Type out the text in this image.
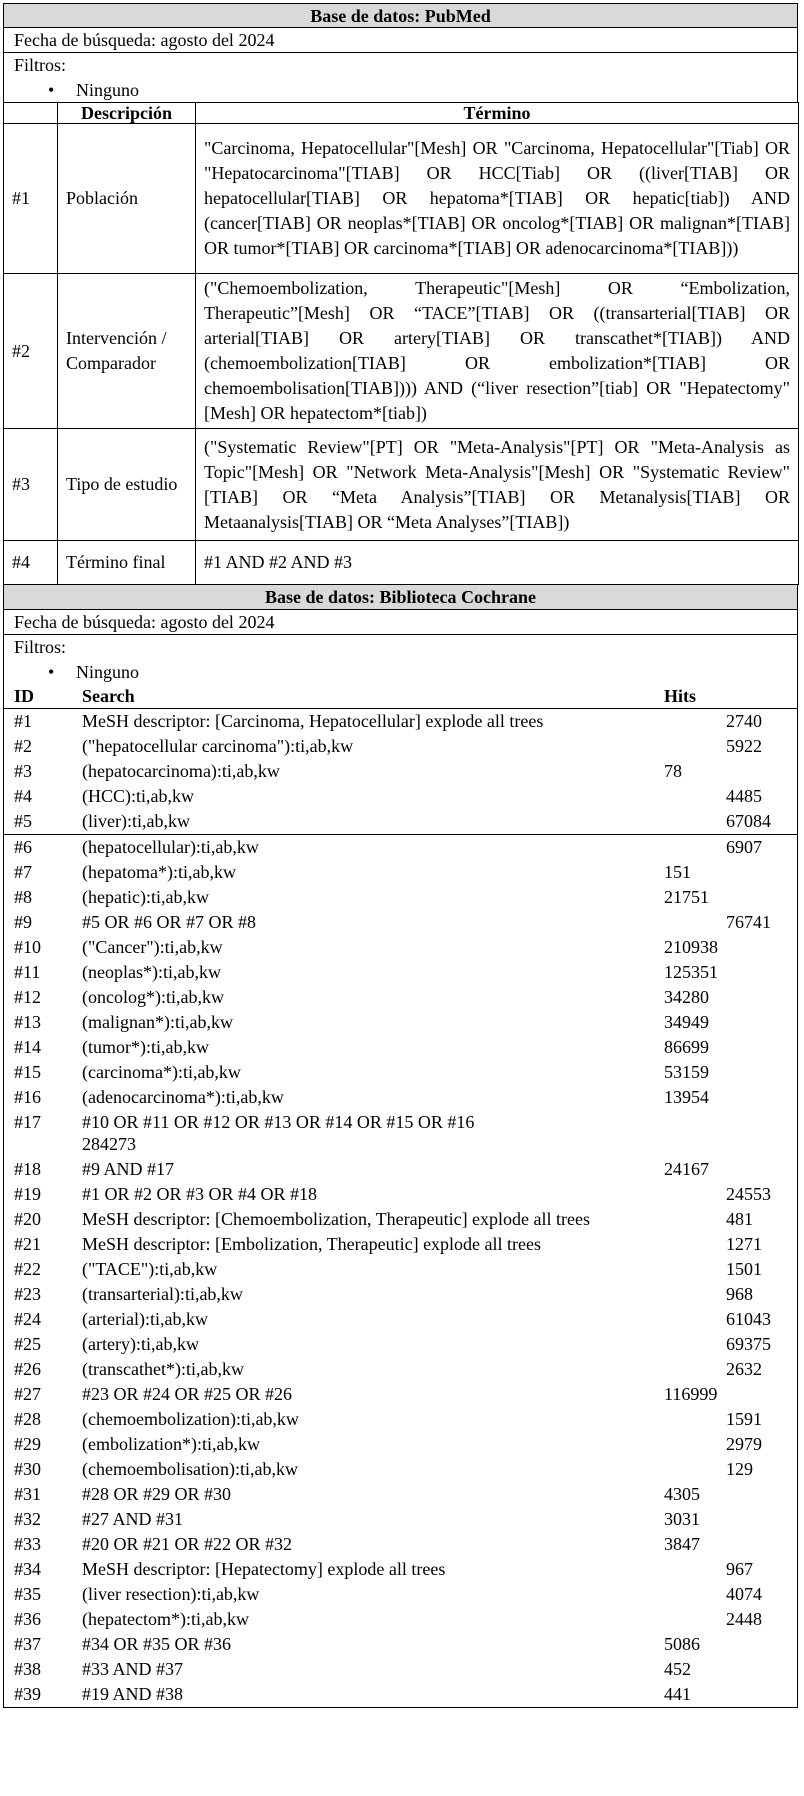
Base de datos: PubMed
Fecha de búsqueda: agosto del 2024
Filtros:
• Ninguno
	Descripción	Término
#1	Población	"Carcinoma, Hepatocellular"[Mesh] OR "Carcinoma, Hepatocellular"[Tiab] OR "Hepatocarcinoma"[TIAB] OR HCC[Tiab] OR ((liver[TIAB] OR hepatocellular[TIAB] OR hepatoma*[TIAB] OR hepatic[tiab]) AND (cancer[TIAB] OR neoplas*[TIAB] OR oncolog*[TIAB] OR malignan*[TIAB] OR tumor*[TIAB] OR carcinoma*[TIAB] OR adenocarcinoma*[TIAB]))
#2	Intervención / Comparador	("Chemoembolization, Therapeutic"[Mesh] OR “Embolization, Therapeutic”[Mesh] OR “TACE”[TIAB] OR ((transarterial[TIAB] OR arterial[TIAB] OR artery[TIAB] OR transcathet*[TIAB]) AND (chemoembolization[TIAB] OR embolization*[TIAB] OR chemoembolisation[TIAB]))) AND (“liver resection”[tiab] OR "Hepatectomy"[Mesh] OR hepatectom*[tiab])
#3	Tipo de estudio	("Systematic Review"[PT] OR "Meta-Analysis"[PT] OR "Meta-Analysis as Topic"[Mesh] OR "Network Meta-Analysis"[Mesh] OR "Systematic Review"[TIAB] OR “Meta Analysis”[TIAB] OR Metanalysis[TIAB] OR Metaanalysis[TIAB] OR “Meta Analyses”[TIAB])
#4	Término final	#1 AND #2 AND #3
Base de datos: Biblioteca Cochrane
Fecha de búsqueda: agosto del 2024
Filtros:
• Ninguno
ID	Search	Hits
#1	MeSH descriptor: [Carcinoma, Hepatocellular] explode all trees	2740
#2	("hepatocellular carcinoma"):ti,ab,kw	5922
#3	(hepatocarcinoma):ti,ab,kw	78
#4	(HCC):ti,ab,kw	4485
#5	(liver):ti,ab,kw	67084
#6	(hepatocellular):ti,ab,kw	6907
#7	(hepatoma*):ti,ab,kw	151
#8	(hepatic):ti,ab,kw	21751
#9	#5 OR #6 OR #7 OR #8	76741
#10 ("Cancer"):ti,ab,kw	210938
#11 (neoplas*):ti,ab,kw	125351
#12 (oncolog*):ti,ab,kw	34280
#13 (malignan*):ti,ab,kw	34949
#14 (tumor*):ti,ab,kw	86699
#15 (carcinoma*):ti,ab,kw	53159
#16 (adenocarcinoma*):ti,ab,kw	13954
#17 #10 OR #11 OR #12 OR #13 OR #14 OR #15 OR #16
284273
#18 #9 AND #17	24167
#19 #1 OR #2 OR #3 OR #4 OR #18	24553
#20 MeSH descriptor: [Chemoembolization, Therapeutic] explode all trees	481
#21 MeSH descriptor: [Embolization, Therapeutic] explode all trees	1271
#22 ("TACE"):ti,ab,kw	1501
#23 (transarterial):ti,ab,kw	968
#24 (arterial):ti,ab,kw	61043
#25 (artery):ti,ab,kw	69375
#26 (transcathet*):ti,ab,kw	2632
#27 #23 OR #24 OR #25 OR #26	116999
#28 (chemoembolization):ti,ab,kw	1591
#29 (embolization*):ti,ab,kw	2979
#30 (chemoembolisation):ti,ab,kw	129
#31 #28 OR #29 OR #30	4305
#32 #27 AND #31	3031
#33 #20 OR #21 OR #22 OR #32	3847
#34 MeSH descriptor: [Hepatectomy] explode all trees	967
#35 (liver resection):ti,ab,kw	4074
#36 (hepatectom*):ti,ab,kw	2448
#37 #34 OR #35 OR #36	5086
#38 #33 AND #37	452
#39 #19 AND #38	441
